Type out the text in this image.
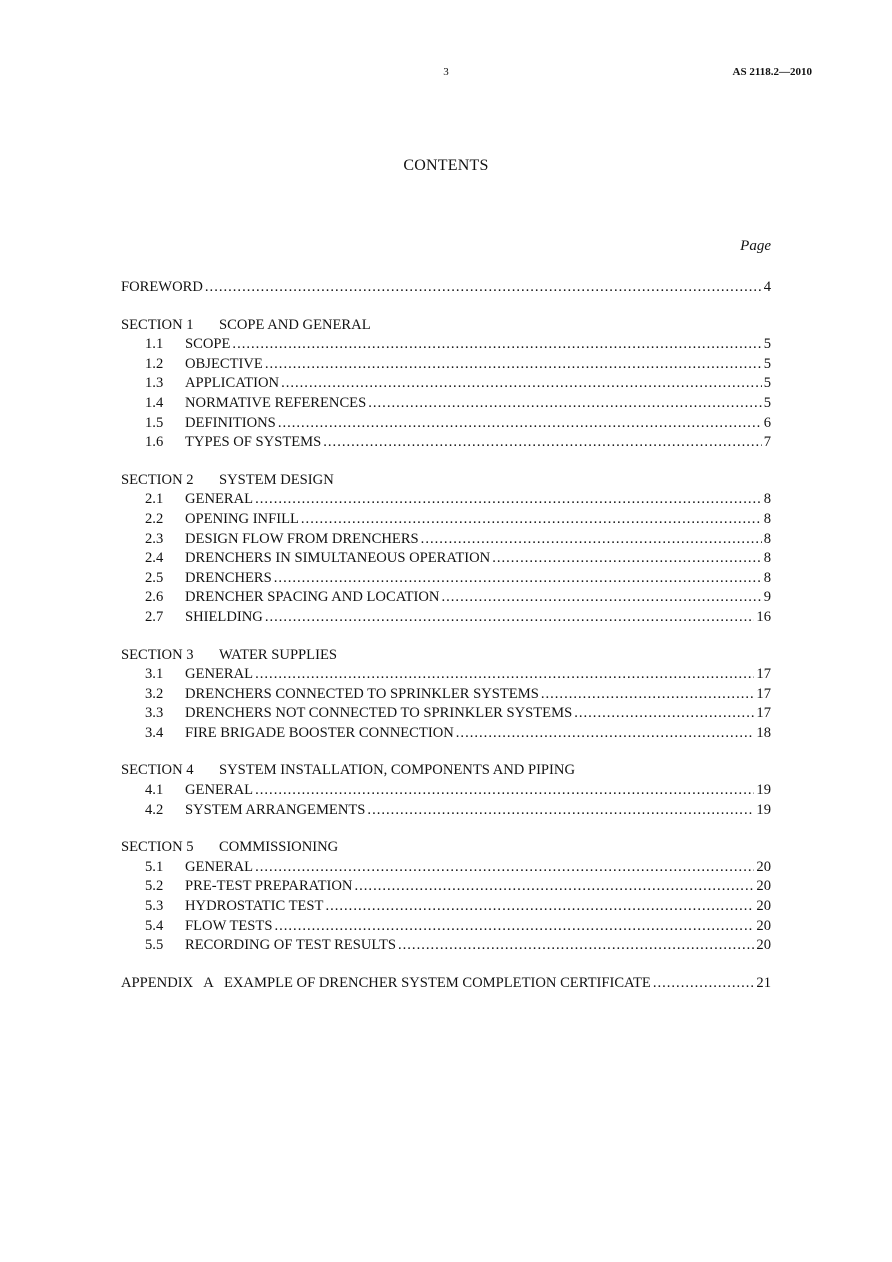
3	AS 2118.2—2010
CONTENTS
Page
FOREWORD .....	4
SECTION 1 SCOPE AND GENERAL
1.1	SCOPE .....	5
1.2	OBJECTIVE .....	5
1.3	APPLICATION .....	5
1.4	NORMATIVE REFERENCES .....	5
1.5	DEFINITIONS .....	6
1.6	TYPES OF SYSTEMS .....	7
SECTION 2 SYSTEM DESIGN
2.1	GENERAL .....	8
2.2	OPENING INFILL .....	8
2.3	DESIGN FLOW FROM DRENCHERS .....	8
2.4	DRENCHERS IN SIMULTANEOUS OPERATION .....	8
2.5	DRENCHERS .....	8
2.6	DRENCHER SPACING AND LOCATION .....	9
2.7	SHIELDING .....	16
SECTION 3 WATER SUPPLIES
3.1	GENERAL .....	17
3.2	DRENCHERS CONNECTED TO SPRINKLER SYSTEMS .....	17
3.3	DRENCHERS NOT CONNECTED TO SPRINKLER SYSTEMS .....	17
3.4	FIRE BRIGADE BOOSTER CONNECTION .....	18
SECTION 4 SYSTEM INSTALLATION, COMPONENTS AND PIPING
4.1	GENERAL .....	19
4.2	SYSTEM ARRANGEMENTS .....	19
SECTION 5 COMMISSIONING
5.1	GENERAL .....	20
5.2	PRE-TEST PREPARATION .....	20
5.3	HYDROSTATIC TEST .....	20
5.4	FLOW TESTS .....	20
5.5	RECORDING OF TEST RESULTS .....	20
APPENDIX   A   EXAMPLE OF DRENCHER SYSTEM COMPLETION CERTIFICATE .....	21
